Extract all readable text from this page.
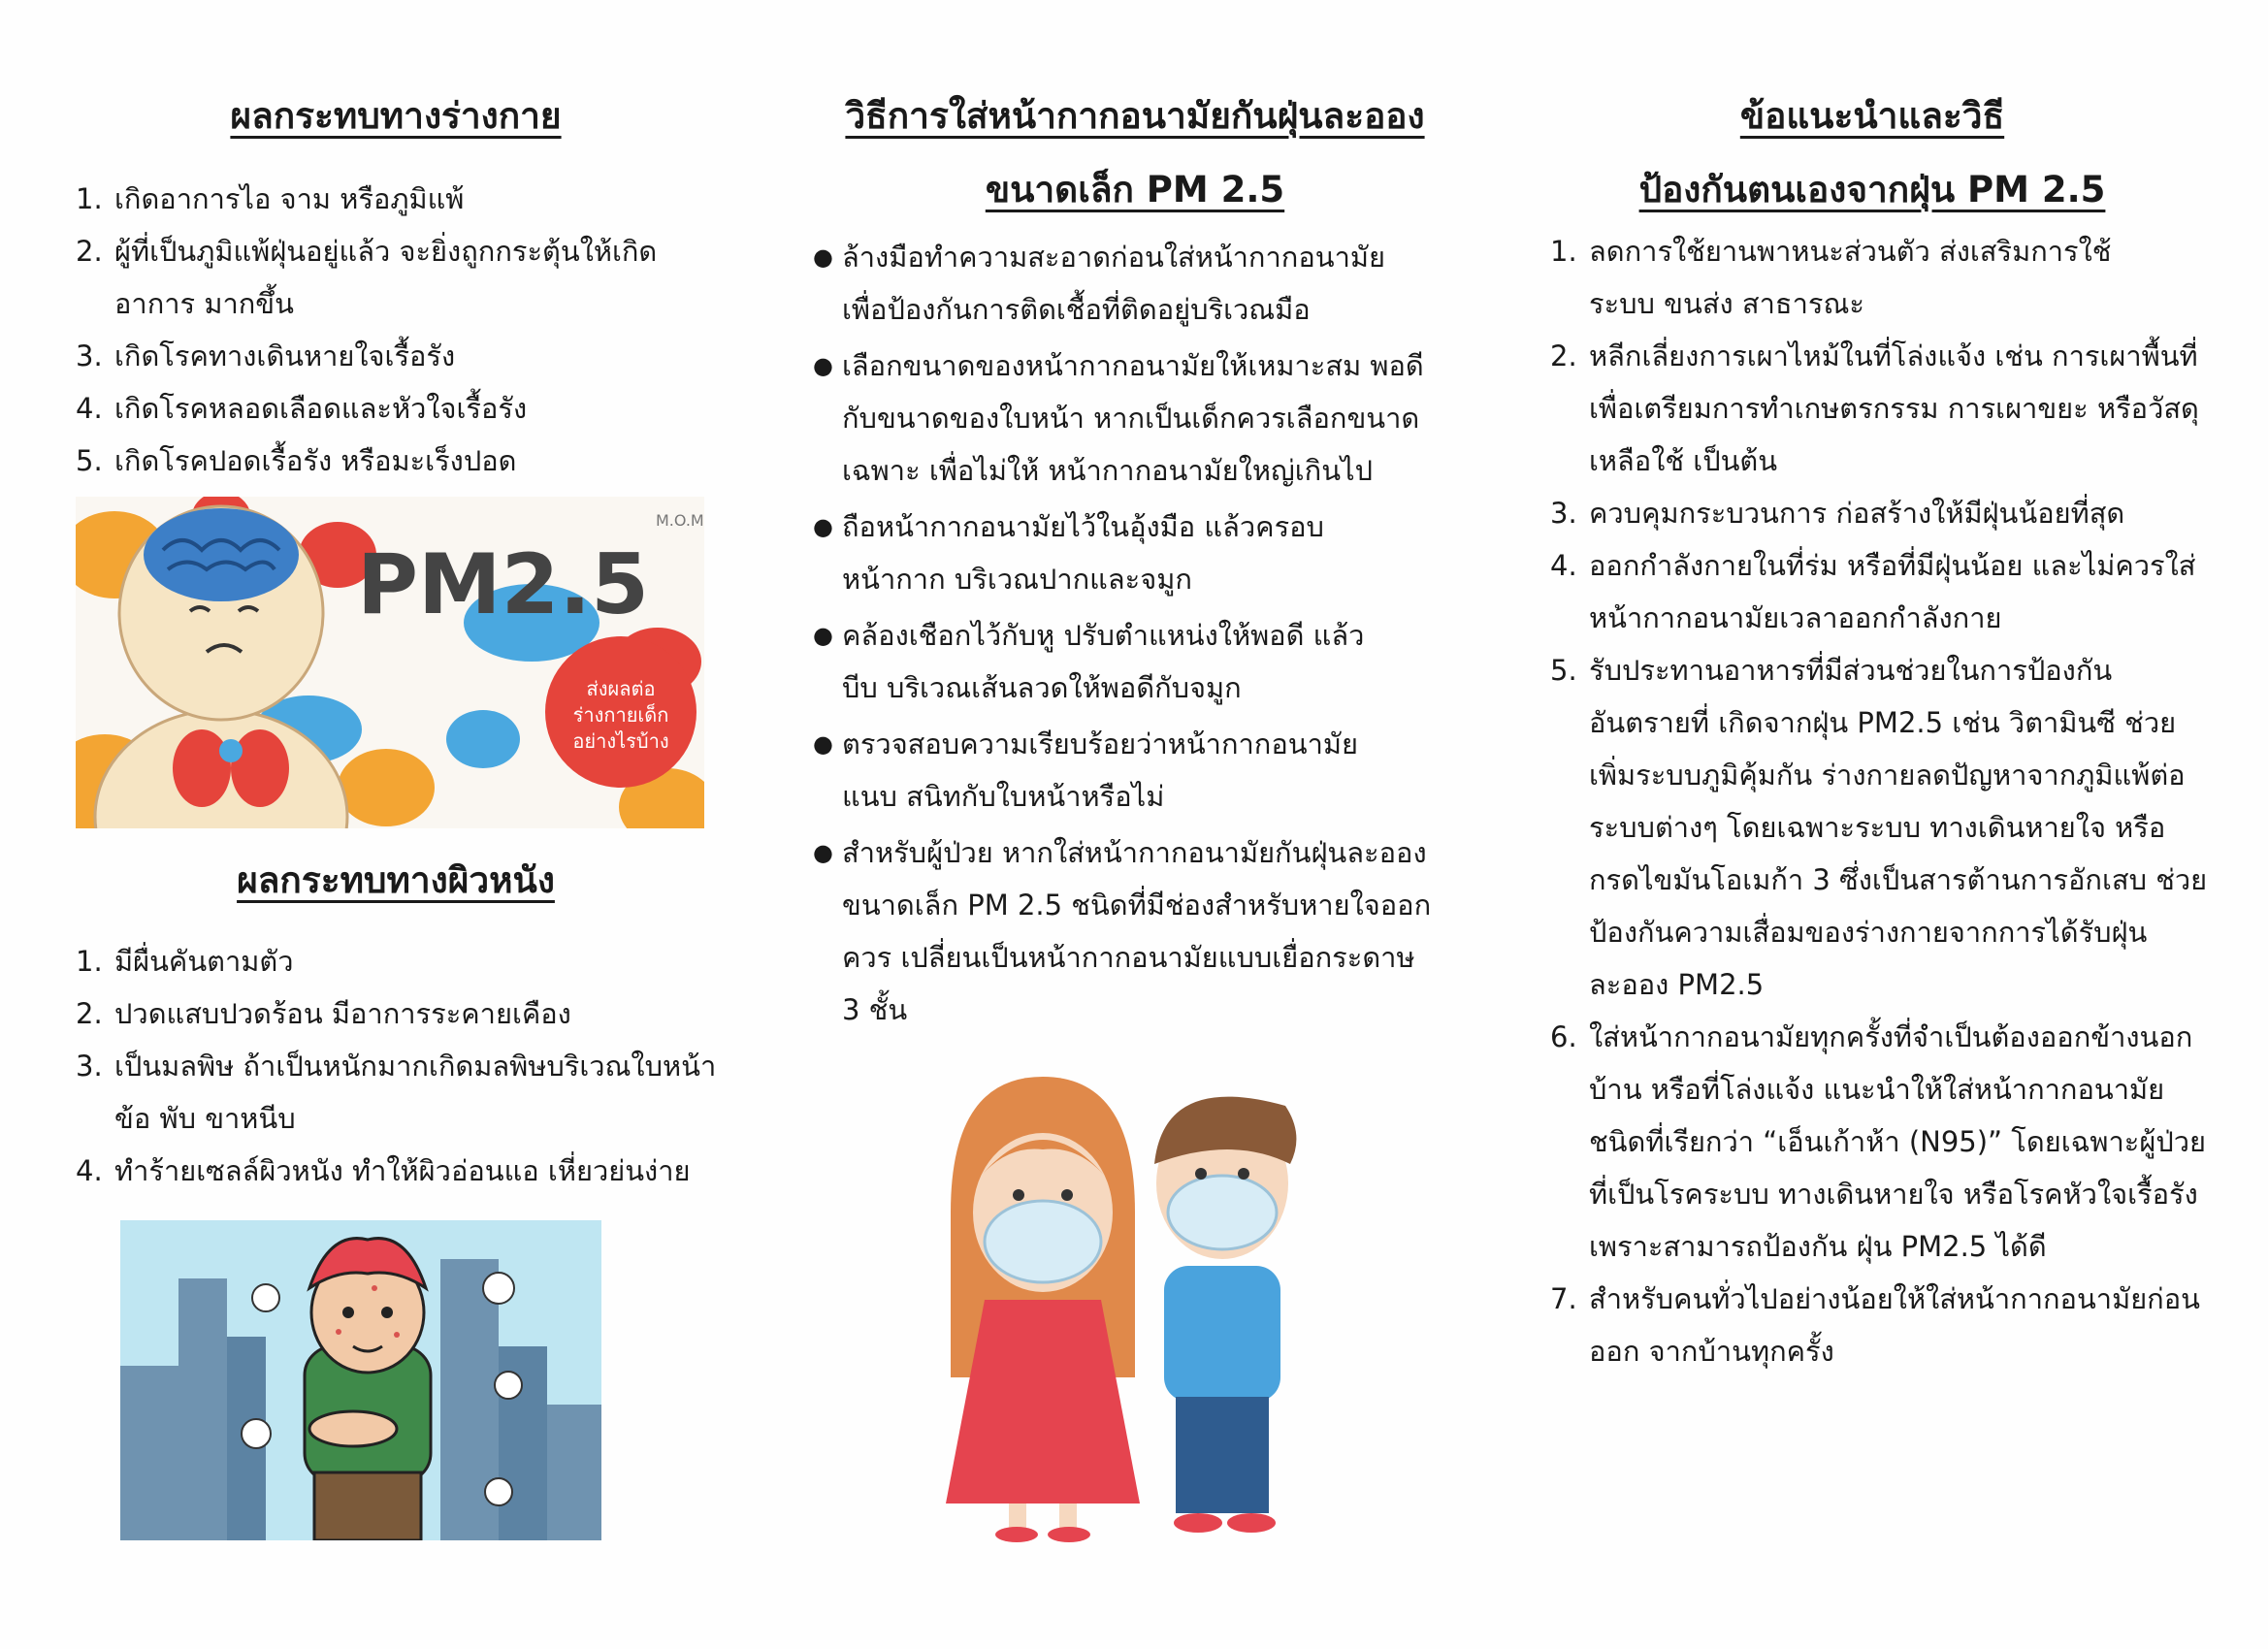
ผลกระทบทางร่างกาย
1. เกิดอาการไอ จาม หรือภูมิแพ้
2. ผู้ที่เป็นภูมิแพ้ฝุ่นอยู่แล้ว จะยิ่งถูกกระตุ้นให้เกิด อาการ มากขึ้น
3. เกิดโรคทางเดินหายใจเรื้อรัง
4. เกิดโรคหลอดเลือดและหัวใจเรื้อรัง
5. เกิดโรคปอดเรื้อรัง หรือมะเร็งปอด
M.O.M
PM2.5
ส่งผลต่อ
ร่างกายเด็ก
อย่างไรบ้าง
ผลกระทบทางผิวหนัง
1. มีผื่นคันตามตัว
2. ปวดแสบปวดร้อน มีอาการระคายเคือง
3. เป็นมลพิษ ถ้าเป็นหนักมากเกิดมลพิษบริเวณใบหน้า ข้อ พับ ขาหนีบ
4. ทำร้ายเซลล์ผิวหนัง ทำให้ผิวอ่อนแอ เหี่ยวย่นง่าย
วิธีการใส่หน้ากากอนามัยกันฝุ่นละออง
ขนาดเล็ก PM 2.5
● ล้างมือทำความสะอาดก่อนใส่หน้ากากอนามัย เพื่อป้องกันการติดเชื้อที่ติดอยู่บริเวณมือ
● เลือกขนาดของหน้ากากอนามัยให้เหมาะสม พอดีกับขนาดของใบหน้า หากเป็นเด็กควรเลือกขนาดเฉพาะ เพื่อไม่ให้ หน้ากากอนามัยใหญ่เกินไป
● ถือหน้ากากอนามัยไว้ในอุ้งมือ แล้วครอบหน้ากาก บริเวณปากและจมูก
● คล้องเชือกไว้กับหู ปรับตำแหน่งให้พอดี แล้วบีบ บริเวณเส้นลวดให้พอดีกับจมูก
● ตรวจสอบความเรียบร้อยว่าหน้ากากอนามัยแนบ สนิทกับใบหน้าหรือไม่
● สำหรับผู้ป่วย หากใส่หน้ากากอนามัยกันฝุ่นละออง ขนาดเล็ก PM 2.5 ชนิดที่มีช่องสำหรับหายใจออก ควร เปลี่ยนเป็นหน้ากากอนามัยแบบเยื่อกระดาษ 3 ชั้น
ข้อแนะนำและวิธี
ป้องกันตนเองจากฝุ่น PM 2.5
1. ลดการใช้ยานพาหนะส่วนตัว ส่งเสริมการใช้ระบบ ขนส่ง สาธารณะ
2. หลีกเลี่ยงการเผาไหม้ในที่โล่งแจ้ง เช่น การเผาพื้นที่ เพื่อเตรียมการทำเกษตรกรรม การเผาขยะ หรือวัสดุ เหลือใช้ เป็นต้น
3. ควบคุมกระบวนการ ก่อสร้างให้มีฝุ่นน้อยที่สุด
4. ออกกำลังกายในที่ร่ม หรือที่มีฝุ่นน้อย และไม่ควรใส่ หน้ากากอนามัยเวลาออกกำลังกาย
5. รับประทานอาหารที่มีส่วนช่วยในการป้องกัน อันตรายที่ เกิดจากฝุ่น PM2.5 เช่น วิตามินซี ช่วย เพิ่มระบบภูมิคุ้มกัน ร่างกายลดปัญหาจากภูมิแพ้ต่อ ระบบต่างๆ โดยเฉพาะระบบ ทางเดินหายใจ หรือ กรดไขมันโอเมก้า 3 ซึ่งเป็นสารต้านการอักเสบ ช่วย ป้องกันความเสื่อมของร่างกายจากการได้รับฝุ่น ละออง PM2.5
6. ใส่หน้ากากอนามัยทุกครั้งที่จำเป็นต้องออกข้างนอก บ้าน หรือที่โล่งแจ้ง แนะนำให้ใส่หน้ากากอนามัย ชนิดที่เรียกว่า “เอ็นเก้าห้า (N95)” โดยเฉพาะผู้ป่วย ที่เป็นโรคระบบ ทางเดินหายใจ หรือโรคหัวใจเรื้อรัง เพราะสามารถป้องกัน ฝุ่น PM2.5 ได้ดี
7. สำหรับคนทั่วไปอย่างน้อยให้ใส่หน้ากากอนามัยก่อน ออก จากบ้านทุกครั้ง
